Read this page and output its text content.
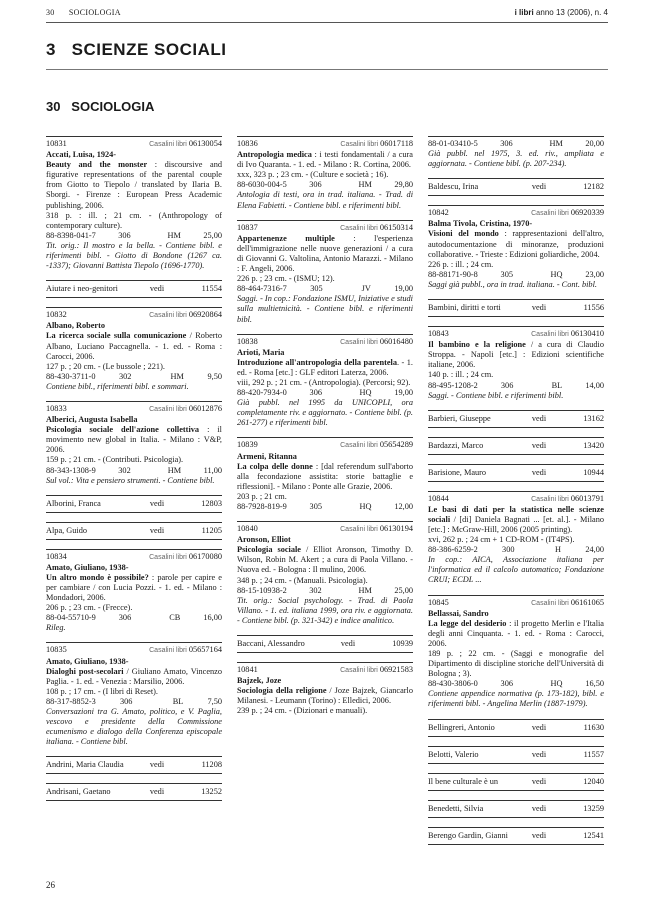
30 SOCIOLOGIA	i libri anno 13 (2006), n. 4
3   SCIENZE SOCIALI
30   SOCIOLOGIA
10831	Casalini libri 06130054
Accati, Luisa, 1924-
Beauty and the monster : discoursive and figurative representations of the parental couple from Giotto to Tiepolo / translated by Ilaria B. Sborgi. - Firenze : European Press Academic publishing, 2006.
318 p. : ill. ; 21 cm. - (Anthropology of contemporary culture).
88-8398-041-7	306	HM	25,00
Tit. orig.: Il mostro e la bella. - Contiene bibl. e riferimenti bibl. - Giotto di Bondone (1267 ca. -1337); Giovanni Battista Tiepolo (1696-1770).
Aiutare i neo-genitori	vedi	11554
10832	Casalini libri 06920864
Albano, Roberto
La ricerca sociale sulla comunicazione / Roberto Albano, Luciano Paccagnella. - 1. ed. - Roma : Carocci, 2006.
127 p. ; 20 cm. - (Le bussole ; 221).
88-430-3711-0	302	HM	9,50
Contiene bibl., riferimenti bibl. e sommari.
10833	Casalini libri 06012876
Alberici, Augusta Isabella
Psicologia sociale dell'azione collettiva : il movimento new global in Italia. - Milano : V&P, 2006.
159 p. ; 21 cm. - (Contributi. Psicologia).
88-343-1308-9	302	HM	11,00
Sul vol.: Vita e pensiero strumenti. - Contiene bibl.
Alborini, Franca	vedi	12803
Alpa, Guido	vedi	11205
10834	Casalini libri 06170080
Amato, Giuliano, 1938-
Un altro mondo è possibile? : parole per capire e per cambiare / con Lucia Pozzi. - 1. ed. - Milano : Mondadori, 2006.
206 p. ; 23 cm. - (Frecce).
88-04-55710-9	306	CB	16,00
Rileg.
10835	Casalini libri 05657164
Amato, Giuliano, 1938-
Dialoghi post-secolari / Giuliano Amato, Vincenzo Paglia. - 1. ed. - Venezia : Marsilio, 2006.
108 p. ; 17 cm. - (I libri di Reset).
88-317-8852-3	306	BL	7,50
Conversazioni tra G. Amato, politico, e V. Paglia, vescovo e presidente della Commissione ecumenismo e dialogo della Conferenza episcopale italiana. - Contiene bibl.
Andrini, Maria Claudia	vedi	11208
Andrisani, Gaetano	vedi	13252
10836	Casalini libri 06017118
Antropologia medica : i testi fondamentali / a cura di Ivo Quaranta. - 1. ed. - Milano : R. Cortina, 2006.
xxx, 323 p. ; 23 cm. - (Culture e società ; 16).
88-6030-004-5	306	HM	29,80
Antologia di testi, ora in trad. italiana. - Trad. di Elena Fabietti. - Contiene bibl. e riferimenti bibl.
10837	Casalini libri 06150314
Appartenenze multiple : l'esperienza dell'immigrazione nelle nuove generazioni / a cura di Giovanni G. Valtolina, Antonio Marazzi. - Milano : F. Angeli, 2006.
226 p. ; 23 cm. - (ISMU; 12).
88-464-7316-7	305	JV	19,00
Saggi. - In cop.: Fondazione ISMU, Iniziative e studi sulla multietnicità. - Contiene bibl. e riferimenti bibl.
10838	Casalini libri 06016480
Arioti, Maria
Introduzione all'antropologia della parentela. - 1. ed. - Roma [etc.] : GLF editori Laterza, 2006.
viii, 292 p. ; 21 cm. - (Antropologia). (Percorsi; 92).
88-420-7934-0	306	HQ	19,00
Già pubbl. nel 1995 da UNICOPLI, ora completamente riv. e aggiornato. - Contiene bibl. (p. 261-277) e riferimenti bibl.
10839	Casalini libri 05654289
Armeni, Ritanna
La colpa delle donne : [dal referendum sull'aborto alla fecondazione assistita: storie battaglie e riflessioni]. - Milano : Ponte alle Grazie, 2006.
203 p. ; 21 cm.
88-7928-819-9	305	HQ	12,00
10840	Casalini libri 06130194
Aronson, Elliot
Psicologia sociale / Elliot Aronson, Timothy D. Wilson, Robin M. Akert ; a cura di Paola Villano. - Nuova ed. - Bologna : Il mulino, 2006.
348 p. ; 24 cm. - (Manuali. Psicologia).
88-15-10938-2	302	HM	25,00
Tit. orig.: Social psychology. - Trad. di Paola Villano. - 1. ed. italiana 1999, ora riv. e aggiornata. - Contiene bibl. (p. 321-342) e indice analitico.
Baccani, Alessandro	vedi	10939
10841	Casalini libri 06921583
Bajzek, Joze
Sociologia della religione / Joze Bajzek, Giancarlo Milanesi. - Leumann (Torino) : Elledici, 2006.
239 p. ; 24 cm. - (Dizionari e manuali).
88-01-03410-5	306	HM	20,00
Già pubbl. nel 1975, 3. ed. riv., ampliata e aggiornata. - Contiene bibl. (p. 207-234).
Baldescu, Irina	vedi	12182
10842	Casalini libri 06920339
Balma Tivola, Cristina, 1970-
Visioni del mondo : rappresentazioni dell'altro, autodocumentazione di minoranze, produzioni collaborative. - Trieste : Edizioni goliardiche, 2004.
226 p. : ill. ; 24 cm.
88-88171-90-8	305	HQ	23,00
Saggi già pubbl., ora in trad. italiana. - Cont. bibl.
Bambini, diritti e torti	vedi	11556
10843	Casalini libri 06130410
Il bambino e la religione / a cura di Claudio Stroppa. - Napoli [etc.] : Edizioni scientifiche italiane, 2006.
140 p. : ill. ; 24 cm.
88-495-1208-2	306	BL	14,00
Saggi. - Contiene bibl. e riferimenti bibl.
Barbieri, Giuseppe	vedi	13162
Bardazzi, Marco	vedi	13420
Barisione, Mauro	vedi	10944
10844	Casalini libri 06013791
Le basi di dati per la statistica nelle scienze sociali / [di] Daniela Bagnati ... [et. al.]. - Milano [etc.] : McGraw-Hill, 2006 (2005 printing).
xvi, 262 p. ; 24 cm + 1 CD-ROM - (IT4PS).
88-386-6259-2	300	H	24,00
In cop.: AICA, Associazione italiana per l'informatica ed il calcolo automatico; Fondazione CRUI; ECDL ...
10845	Casalini libri 06161065
Bellassai, Sandro
La legge del desiderio : il progetto Merlin e l'Italia degli anni Cinquanta. - 1. ed. - Roma : Carocci, 2006.
189 p. ; 22 cm. - (Saggi e monografie del Dipartimento di discipline storiche dell'Università di Bologna ; 3).
88-430-3806-0	306	HQ	16,50
Contiene appendice normativa (p. 173-182), bibl. e riferimenti bibl. - Angelina Merlin (1887-1979).
Bellingreri, Antonio	vedi	11630
Belotti, Valerio	vedi	11557
Il bene culturale è un	vedi	12040
Benedetti, Silvia	vedi	13259
Berengo Gardin, Gianni	vedi	12541
26
